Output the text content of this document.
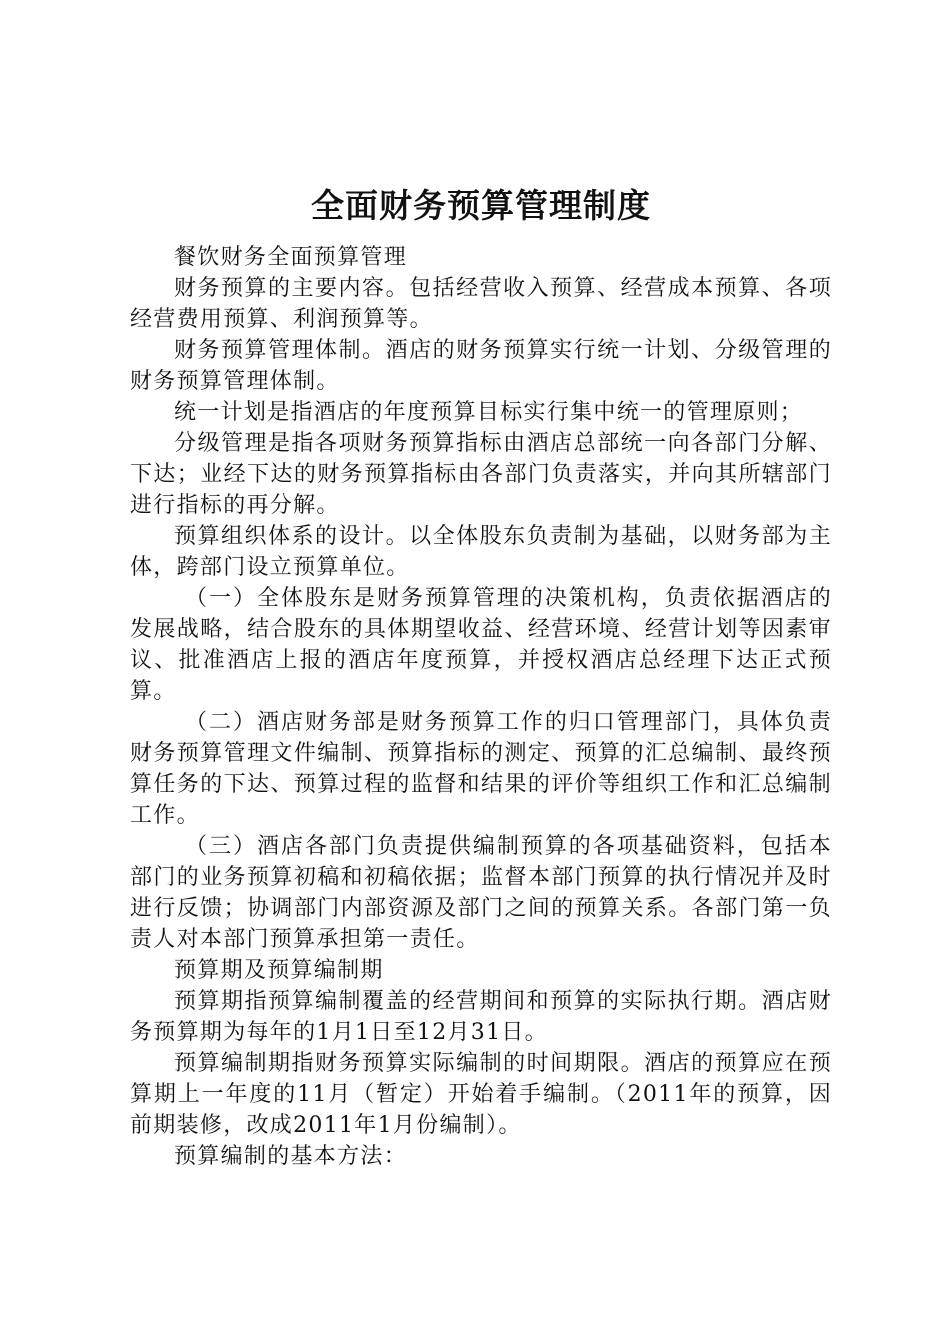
全面财务预算管理制度

餐饮财务全面预算管理

财务预算的主要内容。包括经营收入预算、经营成本预算、各项经营费用预算、利润预算等。

财务预算管理体制。酒店的财务预算实行统一计划、分级管理的财务预算管理体制。

统一计划是指酒店的年度预算目标实行集中统一的管理原则；

分级管理是指各项财务预算指标由酒店总部统一向各部门分解、下达；业经下达的财务预算指标由各部门负责落实，并向其所辖部门进行指标的再分解。

预算组织体系的设计。以全体股东负责制为基础，以财务部为主体，跨部门设立预算单位。

（一）全体股东是财务预算管理的决策机构，负责依据酒店的发展战略，结合股东的具体期望收益、经营环境、经营计划等因素审议、批准酒店上报的酒店年度预算，并授权酒店总经理下达正式预算。

（二）酒店财务部是财务预算工作的归口管理部门，具体负责财务预算管理文件编制、预算指标的测定、预算的汇总编制、最终预算任务的下达、预算过程的监督和结果的评价等组织工作和汇总编制工作。

（三）酒店各部门负责提供编制预算的各项基础资料，包括本部门的业务预算初稿和初稿依据；监督本部门预算的执行情况并及时进行反馈；协调部门内部资源及部门之间的预算关系。各部门第一负责人对本部门预算承担第一责任。

预算期及预算编制期

预算期指预算编制覆盖的经营期间和预算的实际执行期。酒店财务预算期为每年的1月1日至12月31日。

预算编制期指财务预算实际编制的时间期限。酒店的预算应在预算期上一年度的11月（暂定）开始着手编制。（2011年的预算，因前期装修，改成2011年1月份编制）。

预算编制的基本方法：
